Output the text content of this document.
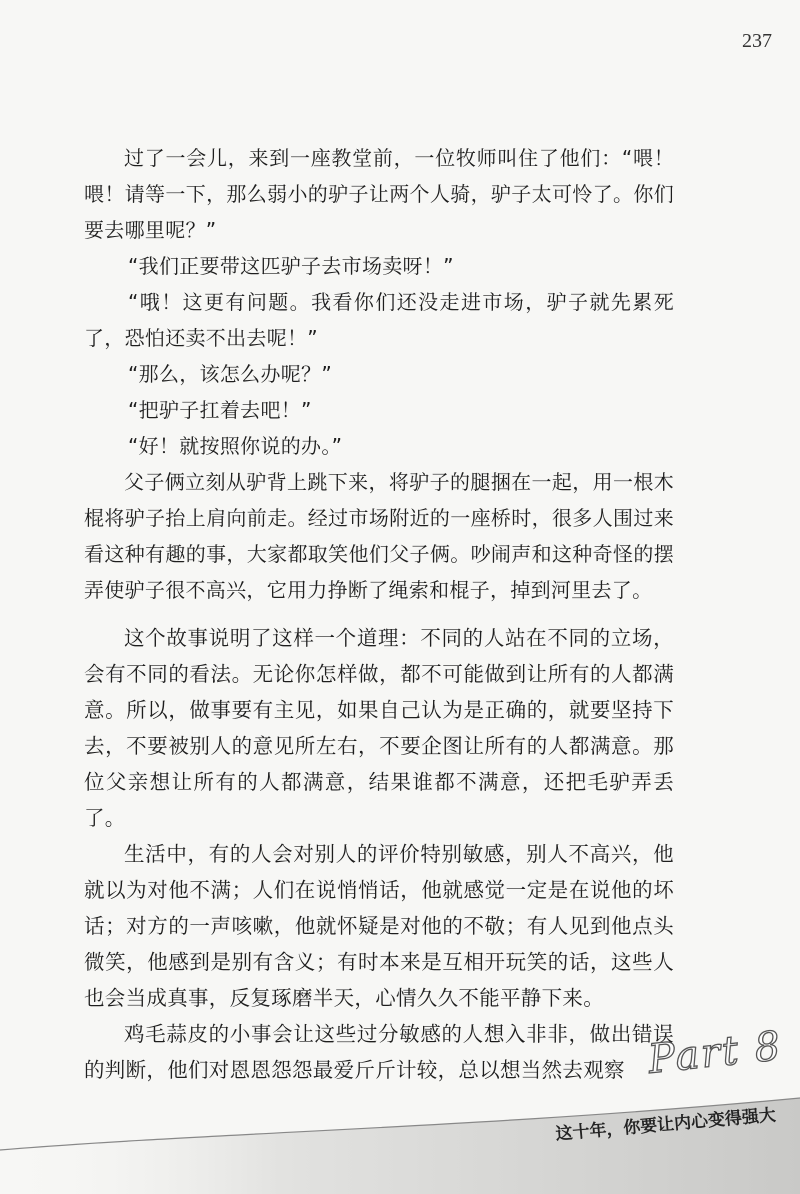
237

过了一会儿，来到一座教堂前，一位牧师叫住了他们：“喂！喂！请等一下，那么弱小的驴子让两个人骑，驴子太可怜了。你们要去哪里呢？”

“我们正要带这匹驴子去市场卖呀！”

“哦！这更有问题。我看你们还没走进市场，驴子就先累死了，恐怕还卖不出去呢！”

“那么，该怎么办呢？”

“把驴子扛着去吧！”

“好！就按照你说的办。”

父子俩立刻从驴背上跳下来，将驴子的腿捆在一起，用一根木棍将驴子抬上肩向前走。经过市场附近的一座桥时，很多人围过来看这种有趣的事，大家都取笑他们父子俩。吵闹声和这种奇怪的摆弄使驴子很不高兴，它用力挣断了绳索和棍子，掉到河里去了。

这个故事说明了这样一个道理：不同的人站在不同的立场，会有不同的看法。无论你怎样做，都不可能做到让所有的人都满意。所以，做事要有主见，如果自己认为是正确的，就要坚持下去，不要被别人的意见所左右，不要企图让所有的人都满意。那位父亲想让所有的人都满意，结果谁都不满意，还把毛驴弄丢了。

生活中，有的人会对别人的评价特别敏感，别人不高兴，他就以为对他不满；人们在说悄悄话，他就感觉一定是在说他的坏话；对方的一声咳嗽，他就怀疑是对他的不敬；有人见到他点头微笑，他感到是别有含义；有时本来是互相开玩笑的话，这些人也会当成真事，反复琢磨半天，心情久久不能平静下来。

鸡毛蒜皮的小事会让这些过分敏感的人想入非非，做出错误的判断，他们对恩恩怨怨最爱斤斤计较，总以想当然去观察 Part 8
这十年，你要让内心变得强大
